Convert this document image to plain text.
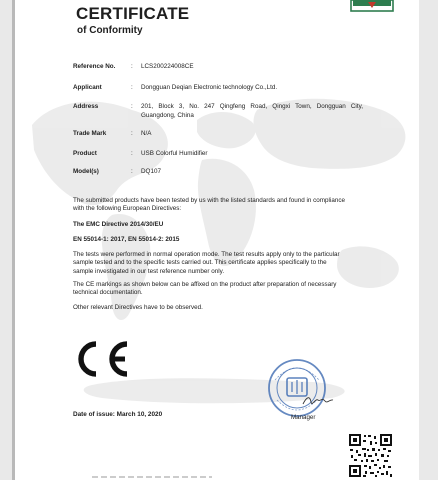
CERTIFICATE
of Conformity
Reference No. : LCS200224008CE
Applicant	: Dongguan Deqian Electronic technology Co.,Ltd.
Address	: 201, Block 3, No. 247 Qingfeng Road, Qingxi Town, Dongguan City, Guangdong, China
Trade Mark	: N/A
Product	: USB Colorful Humidifier
Model(s)	: DQ107
The submitted products have been tested by us with the listed standards and found in compliance with the following European Directives:
The EMC Directive 2014/30/EU
EN 55014-1: 2017, EN 55014-2: 2015
The tests were performed in normal operation mode. The test results apply only to the particular sample tested and to the specific tests carried out. This certificate applies specifically to the sample investigated in our test reference number only.
The CE markings as shown below can be affixed on the product after preparation of necessary technical documentation.
Other relevant Directives have to be observed.
Manager
Date of issue: March 10, 2020
